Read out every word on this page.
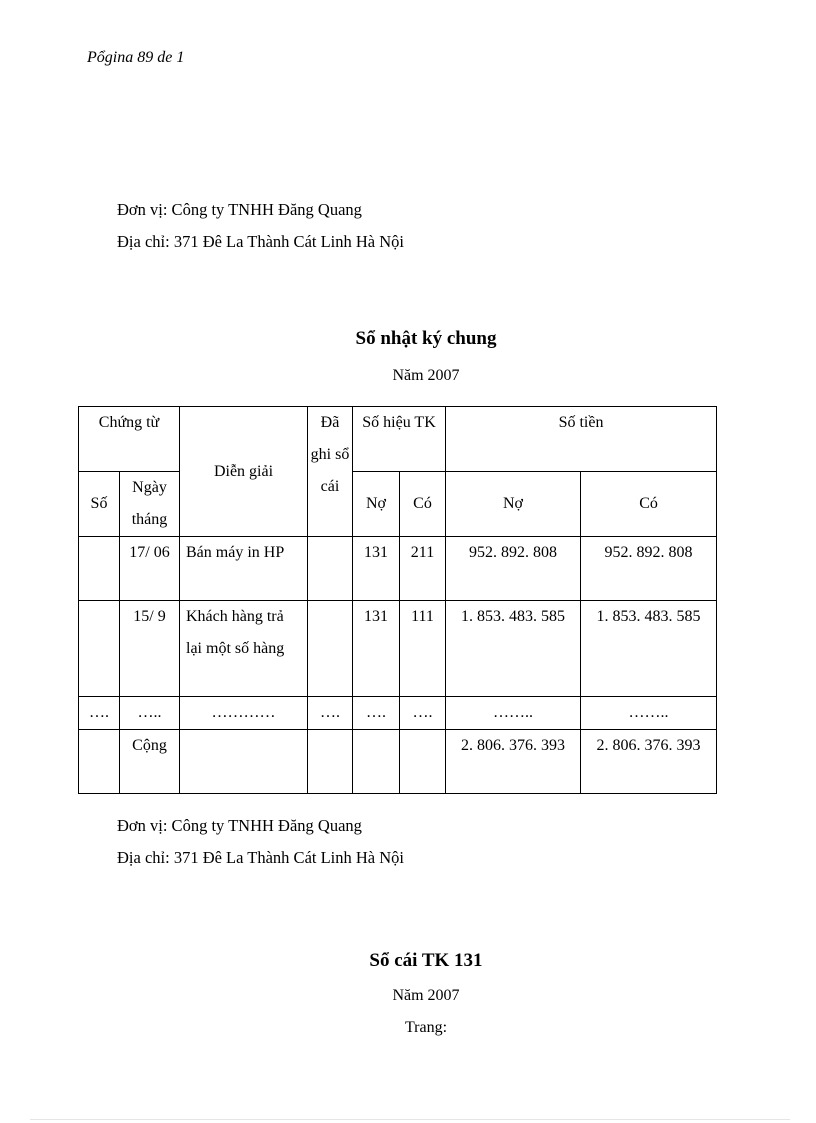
Pổgina 89 de 1
Đơn vị: Công ty TNHH Đăng Quang
Địa chỉ: 371 Đê La Thành Cát Linh Hà Nội
Sổ nhật ký chung
Năm 2007
Chứng từ		Diễn giải	Đã ghi sổ cái	Số hiệu TK		Số tiền	
Số	Ngày tháng			Nợ	Có	Nợ	Có
	17/ 06	Bán máy in HP		131	211	952. 892. 808	952. 892. 808
	15/ 9	Khách hàng trả lại một số hàng		131	111	1. 853. 483. 585	1. 853. 483. 585
….	…..	…………	….	….	….	……..	……..
	Cộng					2. 806. 376. 393	2. 806. 376. 393
Đơn vị: Công ty TNHH Đăng Quang
Địa chỉ: 371 Đê La Thành Cát Linh Hà Nội
Sổ cái TK 131
Năm 2007
Trang:
